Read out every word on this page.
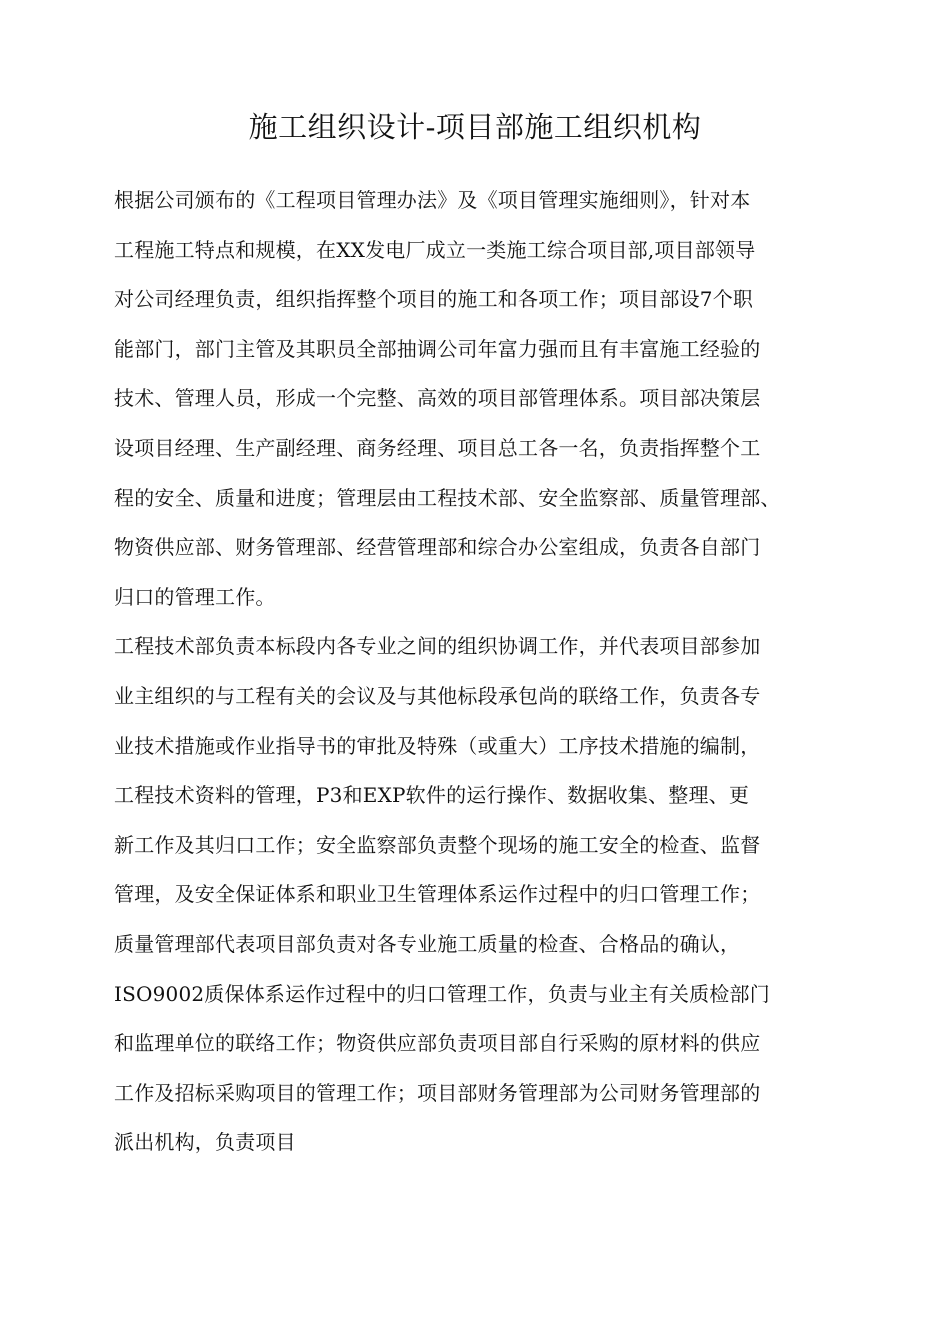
施工组织设计-项目部施工组织机构
根据公司颁布的《工程项目管理办法》及《项目管理实施细则》，针对本
工程施工特点和规模，在XX发电厂成立一类施工综合项目部,项目部领导
对公司经理负责，组织指挥整个项目的施工和各项工作；项目部设7个职
能部门，部门主管及其职员全部抽调公司年富力强而且有丰富施工经验的
技术、管理人员，形成一个完整、高效的项目部管理体系。项目部决策层
设项目经理、生产副经理、商务经理、项目总工各一名，负责指挥整个工
程的安全、质量和进度；管理层由工程技术部、安全监察部、质量管理部、
物资供应部、财务管理部、经营管理部和综合办公室组成，负责各自部门
归口的管理工作。
工程技术部负责本标段内各专业之间的组织协调工作，并代表项目部参加
业主组织的与工程有关的会议及与其他标段承包尚的联络工作，负责各专
业技术措施或作业指导书的审批及特殊（或重大）工序技术措施的编制，
工程技术资料的管理，P3和EXP软件的运行操作、数据收集、整理、更
新工作及其归口工作；安全监察部负责整个现场的施工安全的检查、监督
管理，及安全保证体系和职业卫生管理体系运作过程中的归口管理工作；
质量管理部代表项目部负责对各专业施工质量的检查、合格品的确认，
ISO9002质保体系运作过程中的归口管理工作，负责与业主有关质检部门
和监理单位的联络工作；物资供应部负责项目部自行采购的原材料的供应
工作及招标采购项目的管理工作；项目部财务管理部为公司财务管理部的
派出机构，负责项目
